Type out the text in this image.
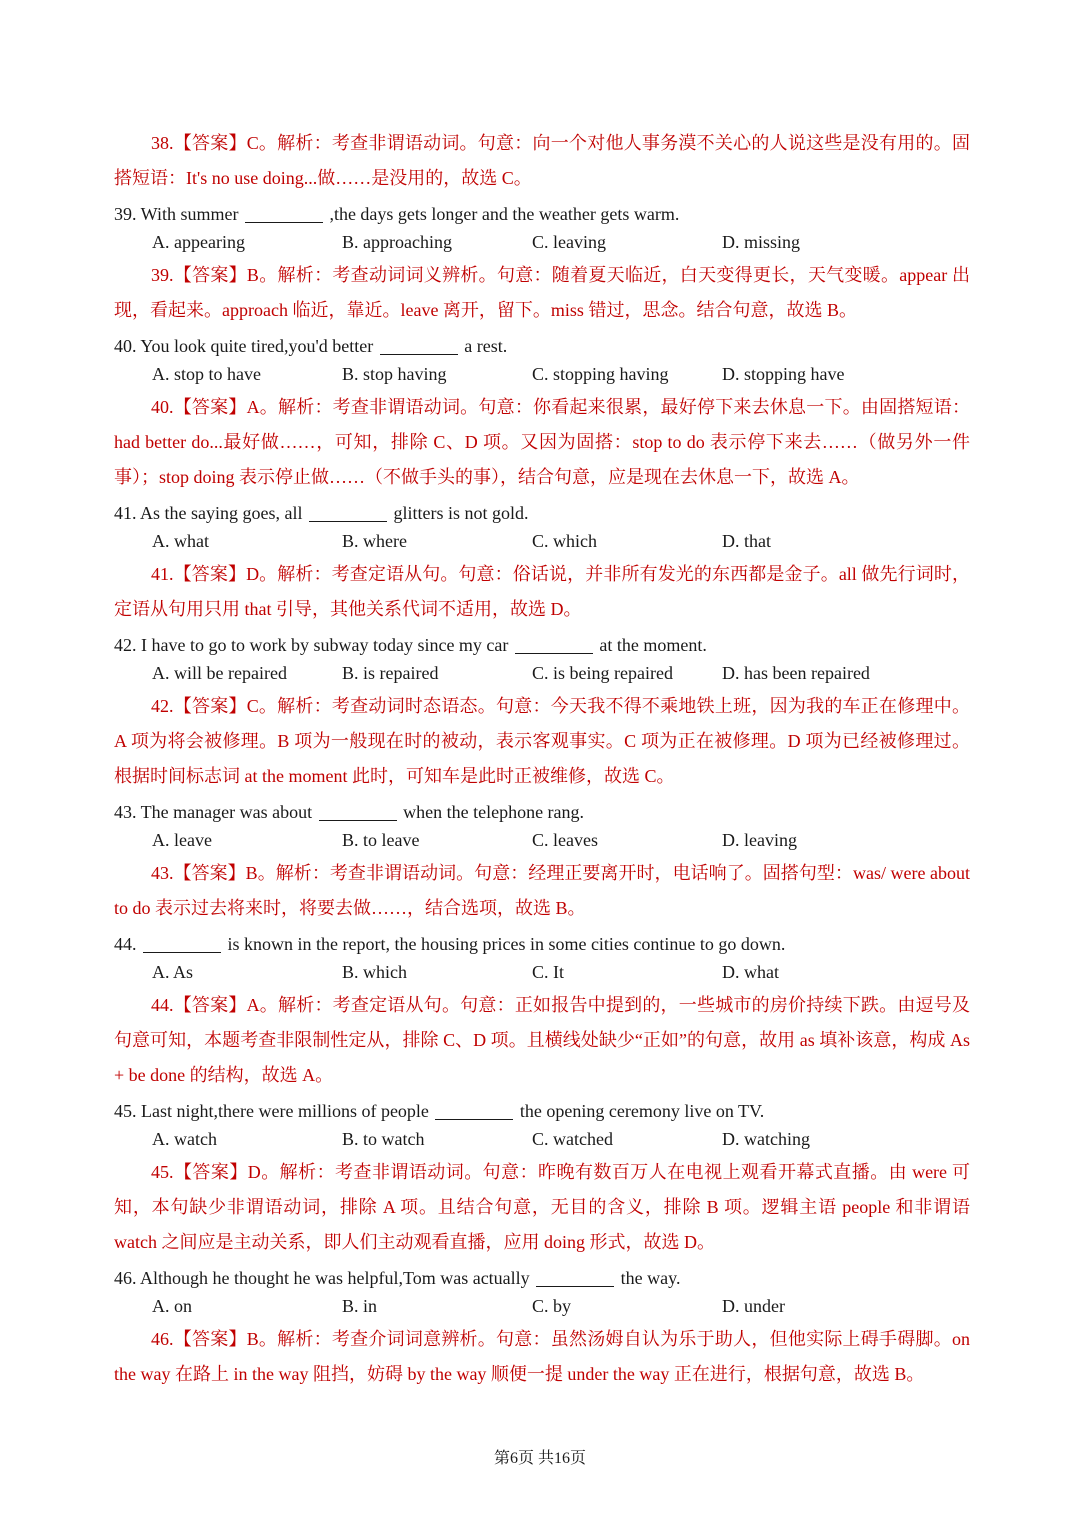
38.【答案】C。解析：考查非谓语动词。句意：向一个对他人事务漠不关心的人说这些是没有用的。固搭短语：It's no use doing...做……是没用的，故选 C。

39. With summer	,the days gets longer and the weather gets warm.

A. appearing	B. approaching	C. leaving	D. missing

39.【答案】B。解析：考查动词词义辨析。句意：随着夏天临近，白天变得更长，天气变暖。appear 出现，看起来。approach 临近，靠近。leave 离开，留下。miss 错过，思念。结合句意，故选 B。

40. You look quite tired,you'd better	a rest.

A. stop to have	B. stop having	C. stopping having	D. stopping have

40.【答案】A。解析：考查非谓语动词。句意：你看起来很累，最好停下来去休息一下。由固搭短语：had better do...最好做……，可知，排除 C、D 项。又因为固搭：stop to do 表示停下来去……（做另外一件事）；stop doing 表示停止做……（不做手头的事），结合句意，应是现在去休息一下，故选 A。

41. As the saying goes, all	glitters is not gold.

A. what	B. where	C. which	D. that

41.【答案】D。解析：考查定语从句。句意：俗话说，并非所有发光的东西都是金子。all 做先行词时，定语从句用只用 that 引导，其他关系代词不适用，故选 D。

42. I have to go to work by subway today since my car	at the moment.

A. will be repaired	B. is repaired	C. is being repaired	D. has been repaired

42.【答案】C。解析：考查动词时态语态。句意：今天我不得不乘地铁上班，因为我的车正在修理中。A 项为将会被修理。B 项为一般现在时的被动，表示客观事实。C 项为正在被修理。D 项为已经被修理过。根据时间标志词 at the moment 此时，可知车是此时正被维修，故选 C。

43. The manager was about	when the telephone rang.

A. leave	B. to leave	C. leaves	D. leaving

43.【答案】B。解析：考查非谓语动词。句意：经理正要离开时，电话响了。固搭句型：was/ were about to do 表示过去将来时，将要去做……，结合选项，故选 B。

44.	is known in the report, the housing prices in some cities continue to go down.

A. As	B. which	C. It	D. what

44.【答案】A。解析：考查定语从句。句意：正如报告中提到的，一些城市的房价持续下跌。由逗号及句意可知，本题考查非限制性定从，排除 C、D 项。且横线处缺少“正如”的句意，故用 as 填补该意，构成 As + be done 的结构，故选 A。

45. Last night,there were millions of people	the opening ceremony live on TV.

A. watch	B. to watch	C. watched	D. watching

45.【答案】D。解析：考查非谓语动词。句意：昨晚有数百万人在电视上观看开幕式直播。由 were 可知，本句缺少非谓语动词，排除 A 项。且结合句意，无目的含义，排除 B 项。逻辑主语 people 和非谓语 watch 之间应是主动关系，即人们主动观看直播，应用 doing 形式，故选 D。

46. Although he thought he was helpful,Tom was actually	the way.

A. on	B. in	C. by	D. under

46.【答案】B。解析：考查介词词意辨析。句意：虽然汤姆自认为乐于助人，但他实际上碍手碍脚。on the way 在路上 in the way 阻挡，妨碍 by the way 顺便一提 under the way 正在进行，根据句意，故选 B。

第6页 共16页
